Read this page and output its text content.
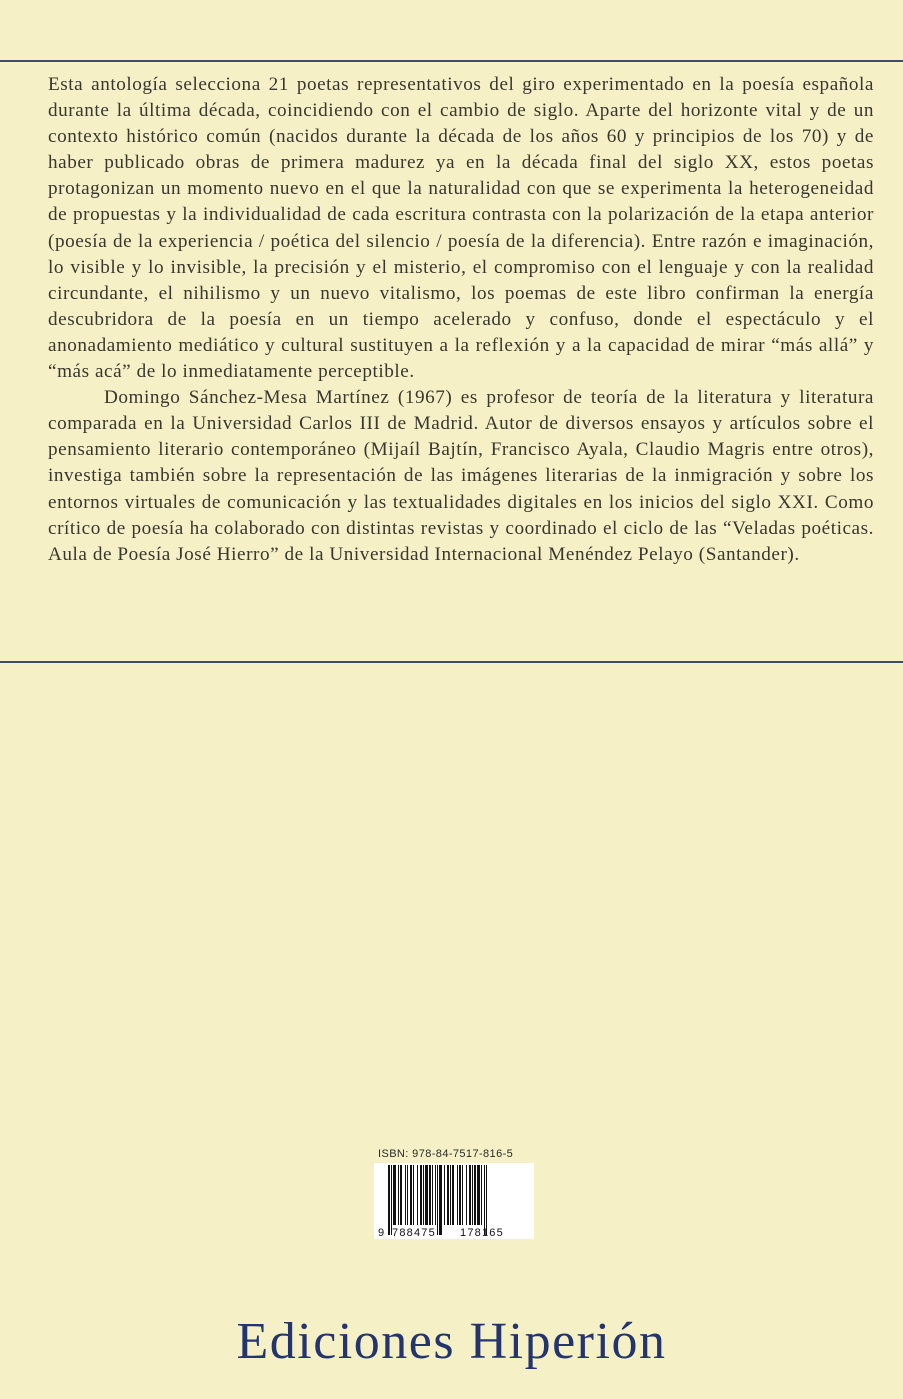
Esta antología selecciona 21 poetas representativos del giro experimentado en la poesía española durante la última década, coincidiendo con el cambio de siglo. Aparte del horizonte vital y de un contexto histórico común (nacidos durante la década de los años 60 y principios de los 70) y de haber publicado obras de primera madurez ya en la década final del siglo XX, estos poetas protagonizan un momento nuevo en el que la naturalidad con que se experimenta la heterogeneidad de propuestas y la individualidad de cada escritura contrasta con la polarización de la etapa anterior (poesía de la experiencia / poética del silencio / poesía de la diferencia). Entre razón e imaginación, lo visible y lo invisible, la precisión y el misterio, el compromiso con el lenguaje y con la realidad circundante, el nihilismo y un nuevo vitalismo, los poemas de este libro confirman la energía descubridora de la poesía en un tiempo acelerado y confuso, donde el espectáculo y el anonadamiento mediático y cultural sustituyen a la reflexión y a la capacidad de mirar “más allá” y “más acá” de lo inmediatamente perceptible.

Domingo Sánchez-Mesa Martínez (1967) es profesor de teoría de la literatura y literatura comparada en la Universidad Carlos III de Madrid. Autor de diversos ensayos y artículos sobre el pensamiento literario contemporáneo (Mijaíl Bajtín, Francisco Ayala, Claudio Magris entre otros), investiga también sobre la representación de las imágenes literarias de la inmigración y sobre los entornos virtuales de comunicación y las textualidades digitales en los inicios del siglo XXI. Como crítico de poesía ha colaborado con distintas revistas y coordinado el ciclo de las “Veladas poéticas. Aula de Poesía José Hierro” de la Universidad Internacional Menéndez Pelayo (Santander).

ISBN: 978-84-7517-816-5
9 788475 178165
Ediciones Hiperión
